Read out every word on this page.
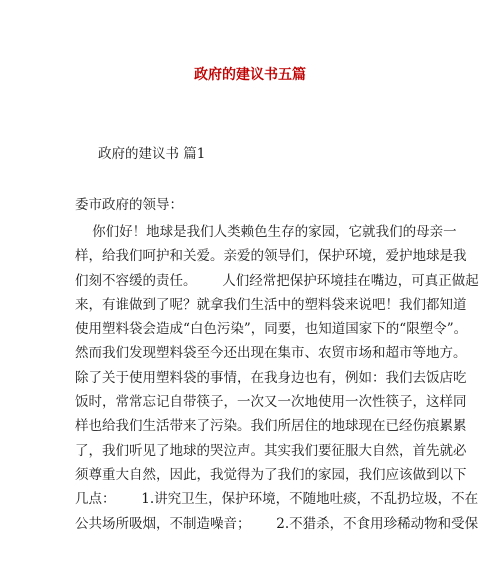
政府的建议书五篇

政府的建议书 篇1

委市政府的领导：

你们好！地球是我们人类赖色生存的家园，它就我们的母亲一
样，给我们呵护和关爱。亲爱的领导们，保护环境，爱护地球是我
们刻不容缓的责任。      人们经常把保护环境挂在嘴边，可真正做起
来，有谁做到了呢？就拿我们生活中的塑料袋来说吧！我们都知道
使用塑料袋会造成“白色污染”，同要，也知道国家下的“限塑令”。
然而我们发现塑料袋至今还出现在集市、农贸市场和超市等地方。
除了关于使用塑料袋的事情，在我身边也有，例如：我们去饭店吃
饭时，常常忘记自带筷子，一次又一次地使用一次性筷子，这样同
样也给我们生活带来了污染。我们所居住的地球现在已经伤痕累累
了，我们听见了地球的哭泣声。其实我们要征服大自然，首先就必
须尊重大自然，因此，我觉得为了我们的家园，我们应该做到以下
几点：      1.讲究卫生，保护环境，不随地吐痰，不乱扔垃圾，不在
公共场所吸烟，不制造噪音；      2.不猎杀，不食用珍稀动物和受保
